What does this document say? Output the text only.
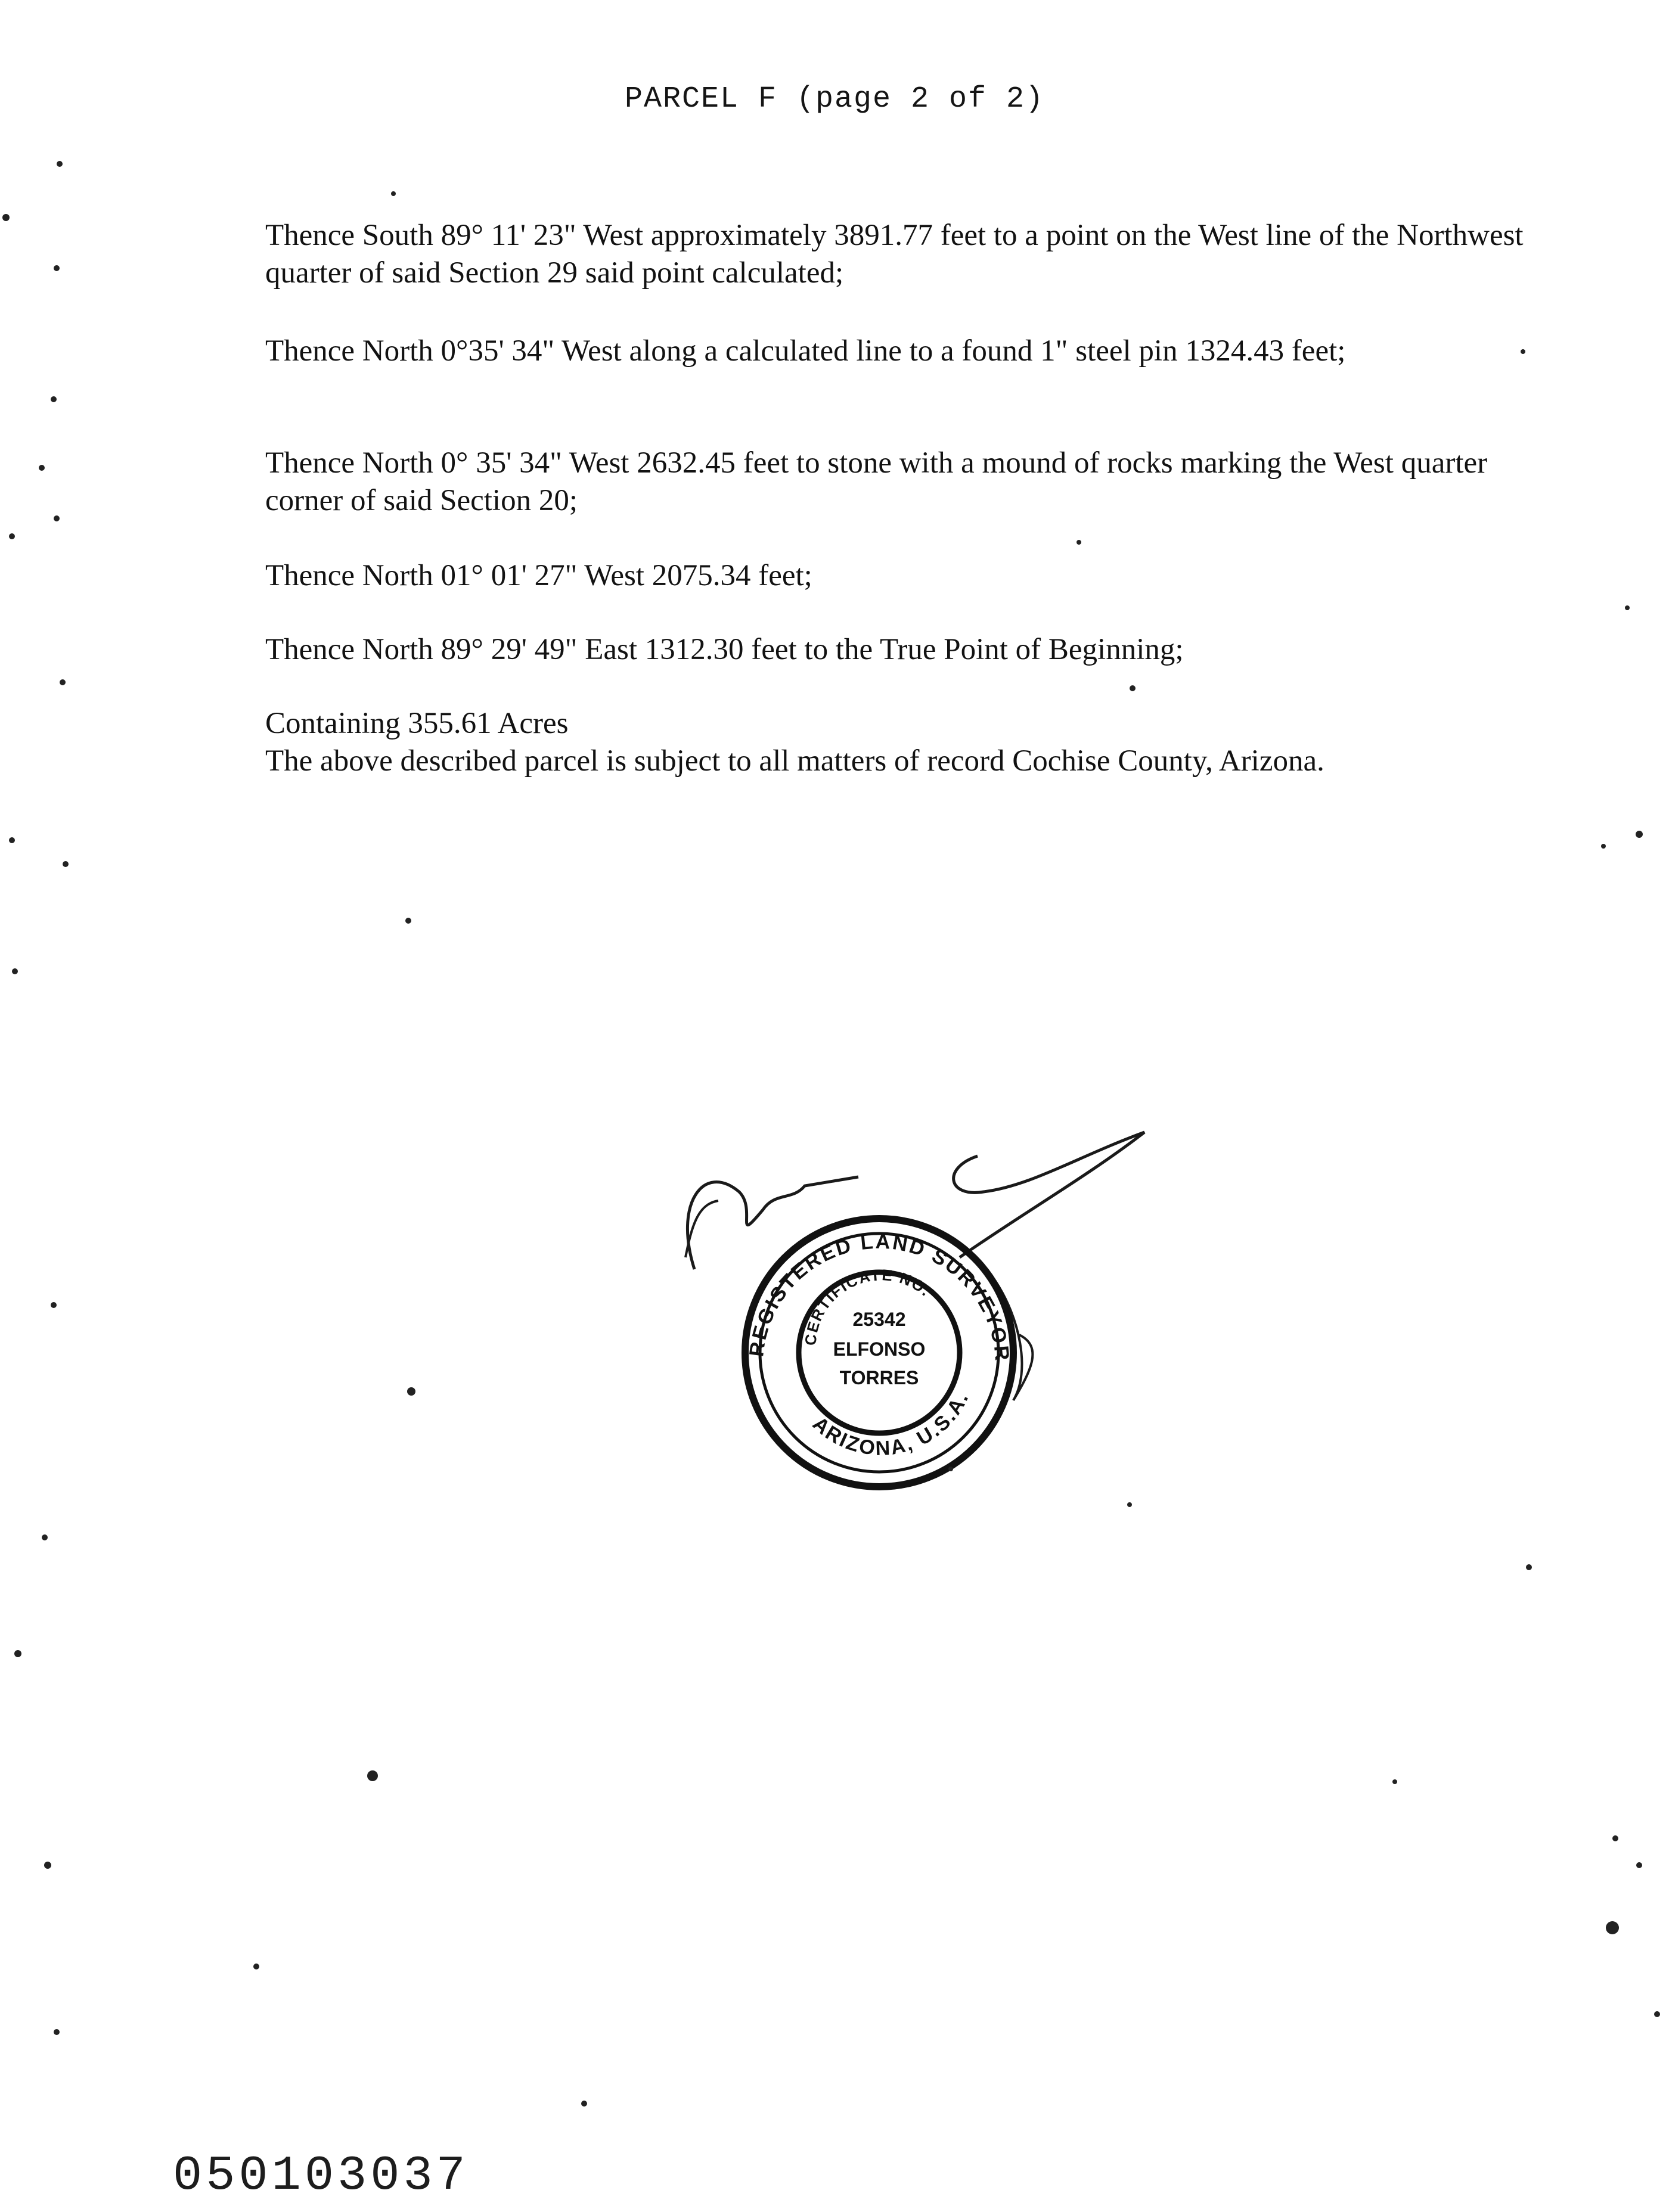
PARCEL F (page 2 of 2)

Thence South 89° 11' 23" West approximately 3891.77 feet to a point on the West line of the Northwest quarter of said Section 29 said point calculated;

Thence North 0°35' 34" West along a calculated line to a found 1" steel pin 1324.43 feet;

Thence North 0° 35' 34" West 2632.45 feet to stone with a mound of rocks marking the West quarter corner of said Section 20;

Thence North 01° 01' 27" West 2075.34 feet;

Thence North 89° 29' 49" East 1312.30 feet to the True Point of Beginning;

Containing 355.61 Acres
The above described parcel is subject to all matters of record Cochise County, Arizona.

REGISTERED LAND SURVEYOR
ARIZONA, U.S.A.
CERTIFICATE NO.
25342
ELFONSO
TORRES
050103037
